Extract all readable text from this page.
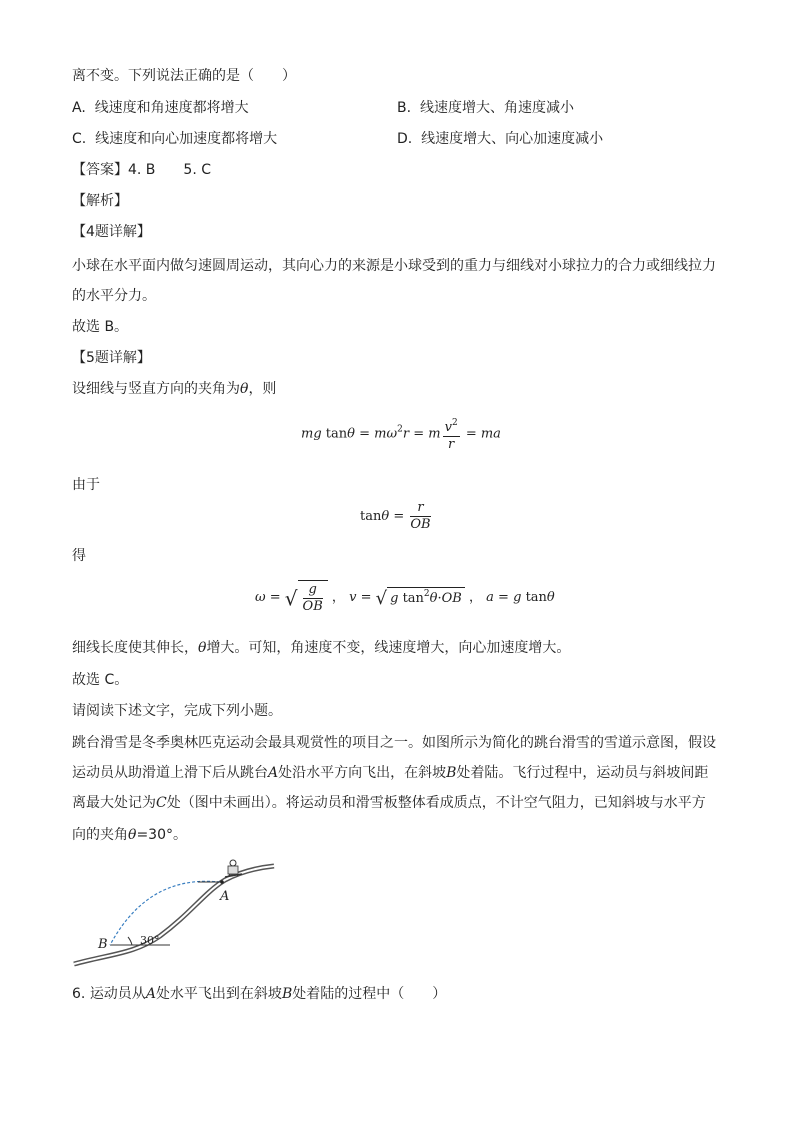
离不变。下列说法正确的是（　　）
A. 线速度和角速度都将增大	B. 线速度增大、角速度减小
C. 线速度和向心加速度都将增大	D. 线速度增大、向心加速度减小
【答案】4. B　　5. C
【解析】
【4题详解】
小球在水平面内做匀速圆周运动，其向心力的来源是小球受到的重力与细线对小球拉力的合力或细线拉力
的水平分力。
故选 B。
【5题详解】
设细线与竖直方向的夹角为θ，则
mg $\tan\theta = m\omega^2r = m \frac{v^2}{r}$ = ma
由于
$\tan\theta = \frac{r}{OB}$
得
ω = √ $\frac{g}{OB}$ ， v = √ g $\tan^2\theta\cdot OB$ ， a = g tanθ
细线长度使其伸长，θ增大。可知，角速度不变，线速度增大，向心加速度增大。
故选 C。
请阅读下述文字，完成下列小题。
跳台滑雪是冬季奥林匹克运动会最具观赏性的项目之一。如图所示为简化的跳台滑雪的雪道示意图，假设
运动员从助滑道上滑下后从跳台A处沿水平方向飞出，在斜坡B处着陆。飞行过程中，运动员与斜坡间距
离最大处记为C处（图中未画出）。将运动员和滑雪板整体看成质点，不计空气阻力，已知斜坡与水平方
向的夹角θ=30°。
A
B	30°
6. 运动员从A处水平飞出到在斜坡B处着陆的过程中（　　）
